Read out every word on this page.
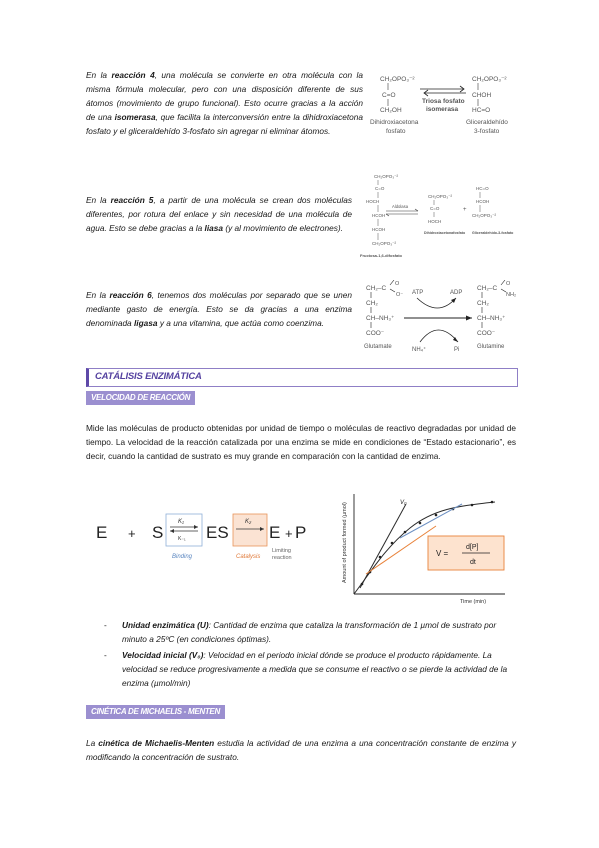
En la reacción 4, una molécula se convierte en otra molécula con la misma fórmula molecular, pero con una disposición diferente de sus átomos (movimiento de grupo funcional). Esto ocurre gracias a la acción de una isomerasa, que facilita la interconversión entre la dihidroxiacetona fosfato y el gliceraldehído 3-fosfato sin agregar ni eliminar átomos.
CH₂OPO₃⁻²
C=O
CH₂OH
Dihidroxiacetona
fosfato
Triosa fosfato
isomerasa
CH₂OPO₃⁻²
CHOH
HC=O
Gliceraldehído
3-fosfato
En la reacción 5, a partir de una molécula se crean dos moléculas diferentes, por rotura del enlace y sin necesidad de una molécula de agua. Esto se debe gracias a la liasa (y al movimiento de electrones).
CH₂OPO₃⁻²
C=O
HOCH
HCOH
HCOH
CH₂OPO₃⁻²
Fructosa-1,6-difosfato
Aldolasa
CH₂OPO₃⁻²
C=O
HOCH
+
HC=O
HCOH
CH₂OPO₃⁻²
Dihidroxiacetonafosfato Gliceraldehído-3-fosfato
En la reacción 6, tenemos dos moléculas por separado que se unen mediante gasto de energía. Esto se da gracias a una enzima denominada ligasa y a una vitamina, que actúa como coenzima.
CH₂–C
O
O⁻
CH₂
CH–NH₃⁺
COO⁻
Glutamate
CH₂–C
O
NH₂
CH₂
CH–NH₃⁺
COO⁻
Glutamine
ATP	ADP
NH₄⁺	Pi
CATÁLISIS ENZIMÁTICA
VELOCIDAD DE REACCIÓN
Mide las moléculas de producto obtenidas por unidad de tiempo o moléculas de reactivo degradadas por unidad de tiempo. La velocidad de la reacción catalizada por una enzima se mide en condiciones de “Estado estacionario”, es decir, cuando la cantidad de sustrato es muy grande en comparación con la cantidad de enzima.
E + S
K₁
K₋₁
Binding
ES
K₂
Catalysis
E + P
Limiting
reaction	Amount of product formed (µmol)
Time (min)
V₀
V =
d[P]
dt
- Unidad enzimática (U): Cantidad de enzima que cataliza la transformación de 1 µmol de sustrato por minuto a 25ºC (en condiciones óptimas).
- Velocidad inicial (V₀): Velocidad en el periodo inicial dónde se produce el producto rápidamente. La velocidad se reduce progresivamente a medida que se consume el reactivo o se pierde la actividad de la enzima (µmol/min)
CINÉTICA DE MICHAELIS - MENTEN
La cinética de Michaelis-Menten estudia la actividad de una enzima a una concentración constante de enzima y modificando la concentración de sustrato.
